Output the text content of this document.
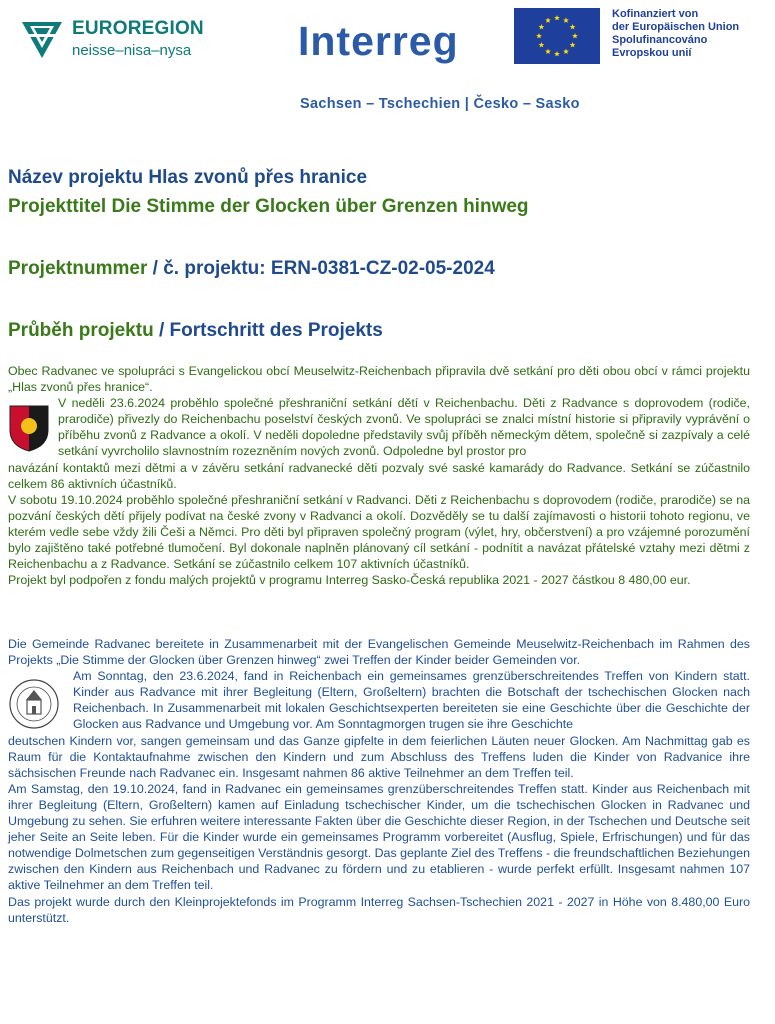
EUROREGION
neisse–nisa–nysa	Interreg
Kofinanziert von
der Europäischen Union
Spolufinancováno
Evropskou unií
Sachsen – Tschechien | Česko – Sasko
Název projektu Hlas zvonů přes hranice
Projekttitel Die Stimme der Glocken über Grenzen hinweg
Projektnummer / č. projektu: ERN-0381-CZ-02-05-2024
Průběh projektu / Fortschritt des Projekts

Obec Radvanec ve spolupráci s Evangelickou obcí Meuselwitz-Reichenbach připravila dvě setkání pro děti obou obcí v rámci projektu „Hlas zvonů přes hranice“.

V neděli 23.6.2024 proběhlo společné přeshraniční setkání dětí v Reichenbachu. Děti z Radvance s doprovodem (rodiče, prarodiče) přivezly do Reichenbachu poselství českých zvonů. Ve spolupráci se znalci místní historie si připravily vyprávění o příběhu zvonů z Radvance a okolí. V neděli dopoledne představily svůj příběh německým dětem, společně si zazpívaly a celé setkání vyvrcholilo slavnostním rozezněním nových zvonů. Odpoledne byl prostor pro

navázání kontaktů mezi dětmi a v závěru setkání radvanecké děti pozvaly své saské kamarády do Radvance. Setkání se zúčastnilo celkem 86 aktivních účastníků.

V sobotu 19.10.2024 proběhlo společné přeshraniční setkání v Radvanci. Děti z Reichenbachu s doprovodem (rodiče, prarodiče) se na pozvání českých dětí přijely podívat na české zvony v Radvanci a okolí. Dozvěděly se tu další zajímavosti o historii tohoto regionu, ve kterém vedle sebe vždy žili Češi a Němci. Pro děti byl připraven společný program (výlet, hry, občerstvení) a pro vzájemné porozumění bylo zajištěno také potřebné tlumočení. Byl dokonale naplněn plánovaný cíl setkání - podnítit a navázat přátelské vztahy mezi dětmi z Reichenbachu a z Radvance. Setkání se zúčastnilo celkem 107 aktivních účastníků.

Projekt byl podpořen z fondu malých projektů v programu Interreg Sasko-Česká republika 2021 - 2027 částkou 8 480,00 eur.

Die Gemeinde Radvanec bereitete in Zusammenarbeit mit der Evangelischen Gemeinde Meuselwitz-Reichenbach im Rahmen des Projekts „Die Stimme der Glocken über Grenzen hinweg“ zwei Treffen der Kinder beider Gemeinden vor.

Am Sonntag, den 23.6.2024, fand in Reichenbach ein gemeinsames grenzüberschreitendes Treffen von Kindern statt. Kinder aus Radvance mit ihrer Begleitung (Eltern, Großeltern) brachten die Botschaft der tschechischen Glocken nach Reichenbach. In Zusammenarbeit mit lokalen Geschichtsexperten bereiteten sie eine Geschichte über die Geschichte der Glocken aus Radvance und Umgebung vor. Am Sonntagmorgen trugen sie ihre Geschichte

deutschen Kindern vor, sangen gemeinsam und das Ganze gipfelte in dem feierlichen Läuten neuer Glocken. Am Nachmittag gab es Raum für die Kontaktaufnahme zwischen den Kindern und zum Abschluss des Treffens luden die Kinder von Radvanice ihre sächsischen Freunde nach Radvanec ein. Insgesamt nahmen 86 aktive Teilnehmer an dem Treffen teil.

Am Samstag, den 19.10.2024, fand in Radvanec ein gemeinsames grenzüberschreitendes Treffen statt. Kinder aus Reichenbach mit ihrer Begleitung (Eltern, Großeltern) kamen auf Einladung tschechischer Kinder, um die tschechischen Glocken in Radvanec und Umgebung zu sehen. Sie erfuhren weitere interessante Fakten über die Geschichte dieser Region, in der Tschechen und Deutsche seit jeher Seite an Seite leben. Für die Kinder wurde ein gemeinsames Programm vorbereitet (Ausflug, Spiele, Erfrischungen) und für das notwendige Dolmetschen zum gegenseitigen Verständnis gesorgt. Das geplante Ziel des Treffens - die freundschaftlichen Beziehungen zwischen den Kindern aus Reichenbach und Radvanec zu fördern und zu etablieren - wurde perfekt erfüllt. Insgesamt nahmen 107 aktive Teilnehmer an dem Treffen teil.

Das projekt wurde durch den Kleinprojektefonds im Programm Interreg Sachsen-Tschechien 2021 - 2027 in Höhe von 8.480,00 Euro unterstützt.
